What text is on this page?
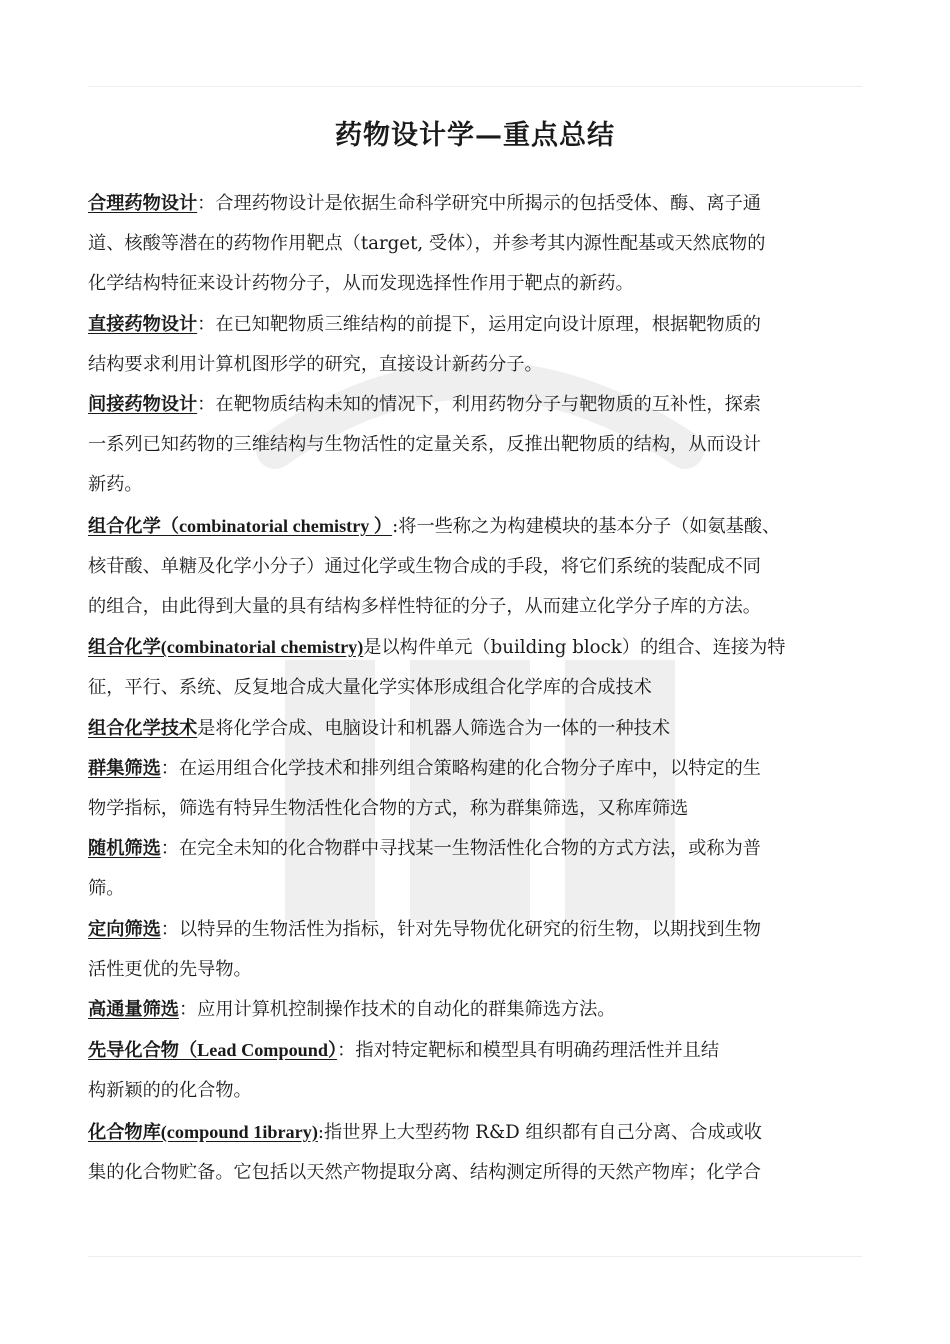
药物设计学—重点总结

合理药物设计：合理药物设计是依据生命科学研究中所揭示的包括受体、酶、离子通
道、核酸等潜在的药物作用靶点（target, 受体），并参考其内源性配基或天然底物的
化学结构特征来设计药物分子，从而发现选择性作用于靶点的新药。

直接药物设计：在已知靶物质三维结构的前提下，运用定向设计原理，根据靶物质的
结构要求利用计算机图形学的研究，直接设计新药分子。

间接药物设计：在靶物质结构未知的情况下，利用药物分子与靶物质的互补性，探索
一系列已知药物的三维结构与生物活性的定量关系，反推出靶物质的结构，从而设计
新药。

组合化学（combinatorial chemistry ）:将一些称之为构建模块的基本分子（如氨基酸、
核苷酸、单糖及化学小分子）通过化学或生物合成的手段，将它们系统的装配成不同
的组合，由此得到大量的具有结构多样性特征的分子，从而建立化学分子库的方法。

组合化学(combinatorial chemistry)是以构件单元（building block）的组合、连接为特
征，平行、系统、反复地合成大量化学实体形成组合化学库的合成技术

组合化学技术是将化学合成、电脑设计和机器人筛选合为一体的一种技术

群集筛选：在运用组合化学技术和排列组合策略构建的化合物分子库中，以特定的生
物学指标，筛选有特异生物活性化合物的方式，称为群集筛选，又称库筛选

随机筛选：在完全未知的化合物群中寻找某一生物活性化合物的方式方法，或称为普
筛。

定向筛选：以特异的生物活性为指标，针对先导物优化研究的衍生物，以期找到生物
活性更优的先导物。

高通量筛选：应用计算机控制操作技术的自动化的群集筛选方法。

先导化合物（Lead Compound）：指对特定靶标和模型具有明确药理活性并且结
构新颖的的化合物。

化合物库(compound 1ibrary):指世界上大型药物 R&D 组织都有自己分离、合成或收
集的化合物贮备。它包括以天然产物提取分离、结构测定所得的天然产物库；化学合
